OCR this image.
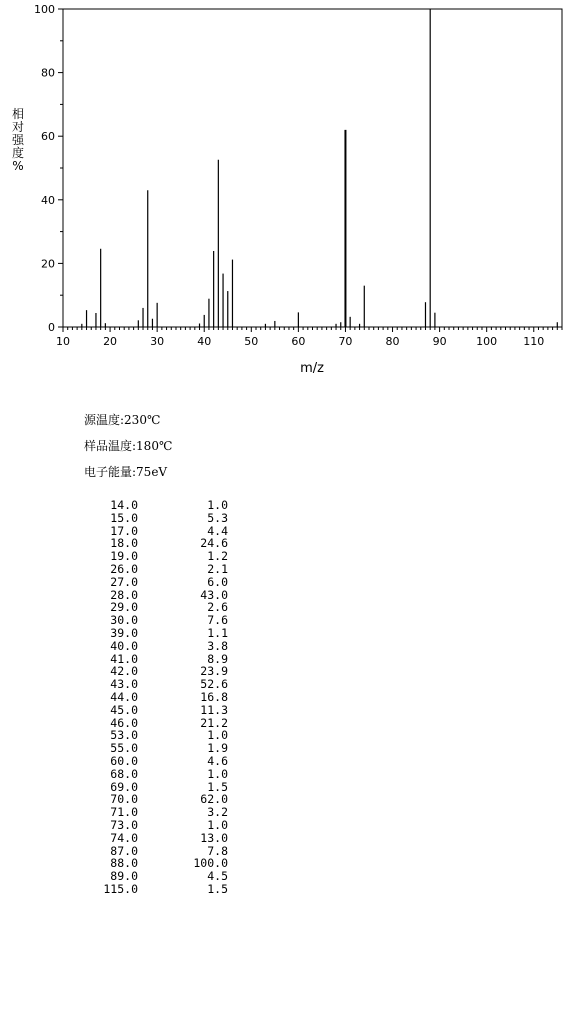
10	20	30	40	50	60	70	80	90	100 110
0
20
40
60
80
100
m/z
相
对
强
度
%
源温度:230℃
样品温度:180℃
电子能量:75eV
14.0	1.0
15.0	5.3
17.0	4.4
18.0	24.6
19.0	1.2
26.0	2.1
27.0	6.0
28.0	43.0
29.0	2.6
30.0	7.6
39.0	1.1
40.0	3.8
41.0	8.9
42.0	23.9
43.0	52.6
44.0	16.8
45.0	11.3
46.0	21.2
53.0	1.0
55.0	1.9
60.0	4.6
68.0	1.0
69.0	1.5
70.0	62.0
71.0	3.2
73.0	1.0
74.0	13.0
87.0	7.8
88.0	100.0
89.0	4.5
115.0	1.5
